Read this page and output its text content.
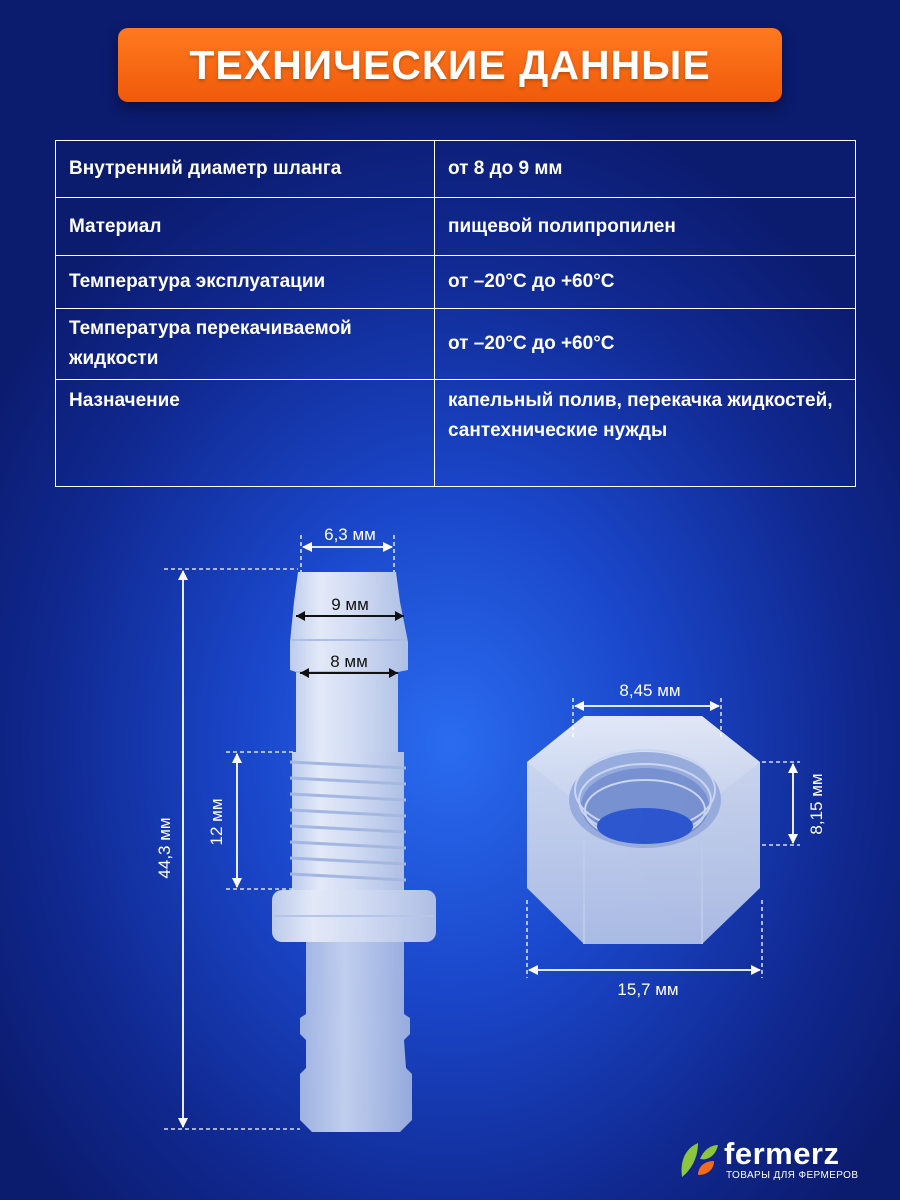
ТЕХНИЧЕСКИЕ ДАННЫЕ
Внутренний диаметр шланга	от 8 до 9 мм
Материал	пищевой полипропилен
Температура эксплуатации	от –20°C до +60°C
Температура перекачиваемой жидкости	от –20°C до +60°C
Назначение	капельный полив, перекачка жидкостей, сантехнические нужды
6,3 мм
9 мм
8 мм
12 мм
44,3 мм
8,45 мм
8,15 мм
15,7 мм
fermerz
ТОВАРЫ ДЛЯ ФЕРМЕРОВ
